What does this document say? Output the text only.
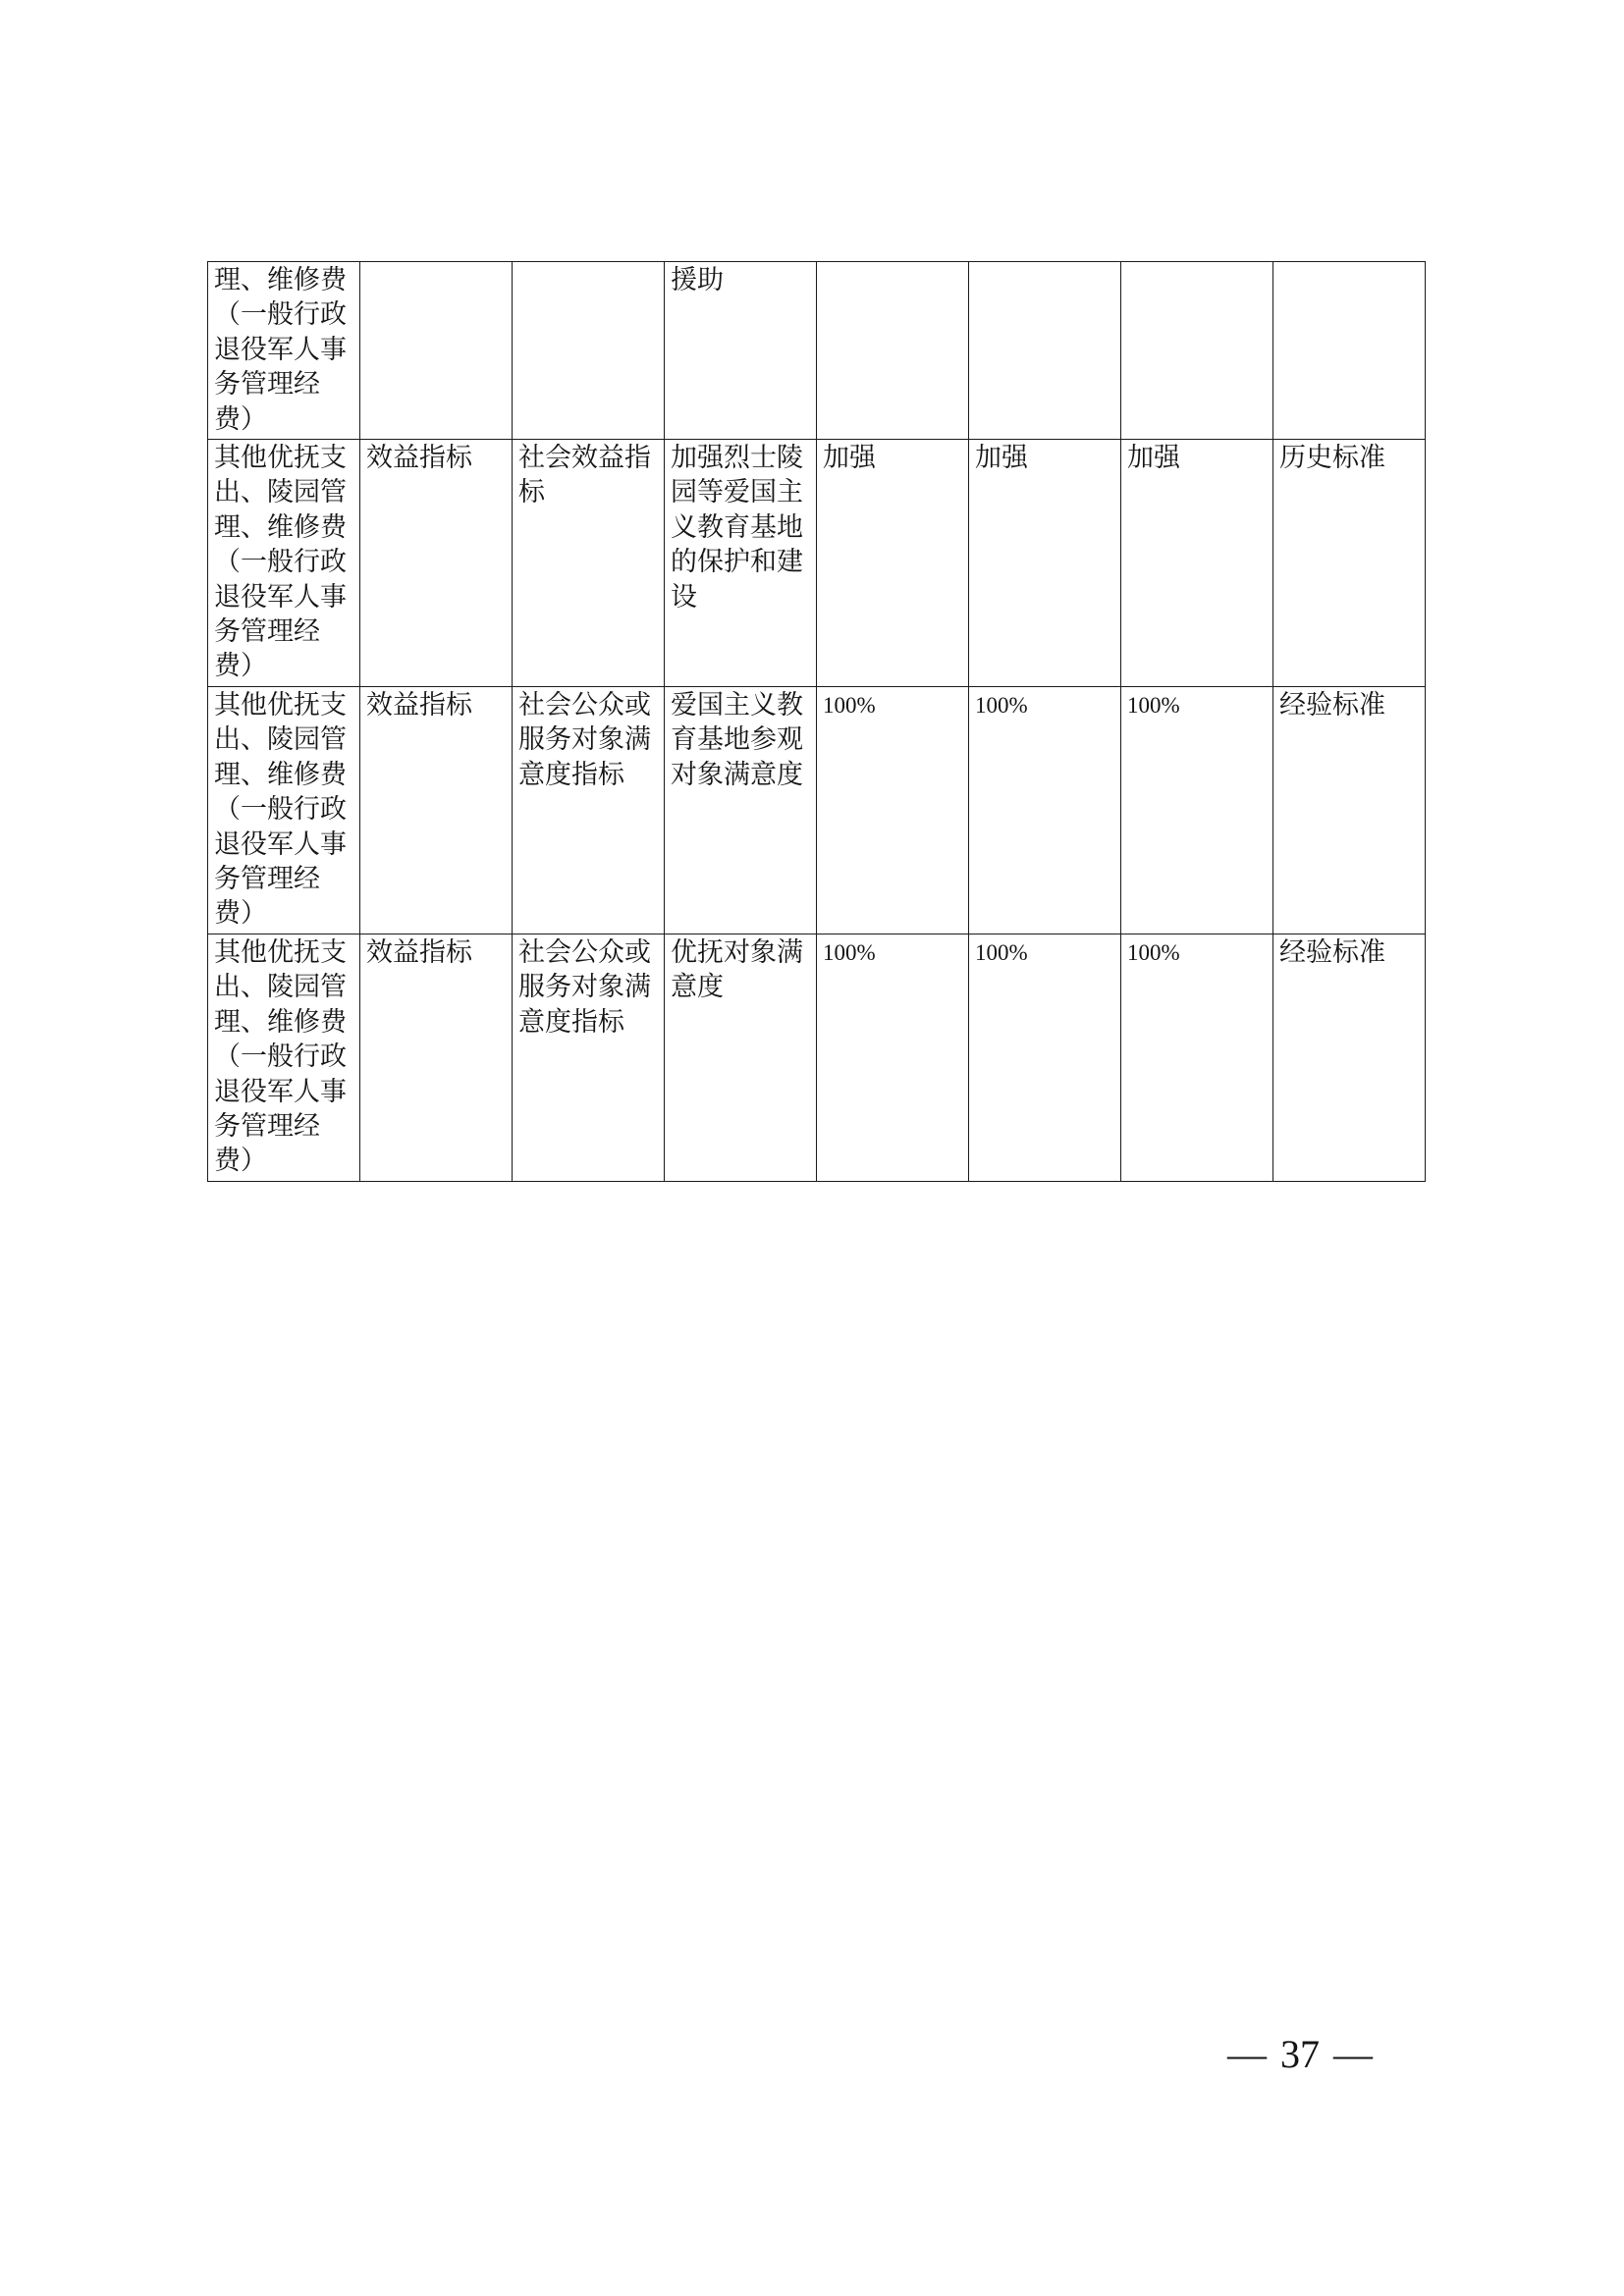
理、维修费（一般行政退役军人事务管理经费）			援助				
其他优抚支出、陵园管理、维修费（一般行政退役军人事务管理经费）	效益指标	社会效益指标	加强烈士陵园等爱国主义教育基地的保护和建设	加强	加强	加强	历史标准
其他优抚支出、陵园管理、维修费（一般行政退役军人事务管理经费）	效益指标	社会公众或服务对象满意度指标	爱国主义教育基地参观对象满意度	100%	100%	100%	经验标准
其他优抚支出、陵园管理、维修费（一般行政退役军人事务管理经费）	效益指标	社会公众或服务对象满意度指标	优抚对象满意度	100%	100%	100%	经验标准
— 37 —
